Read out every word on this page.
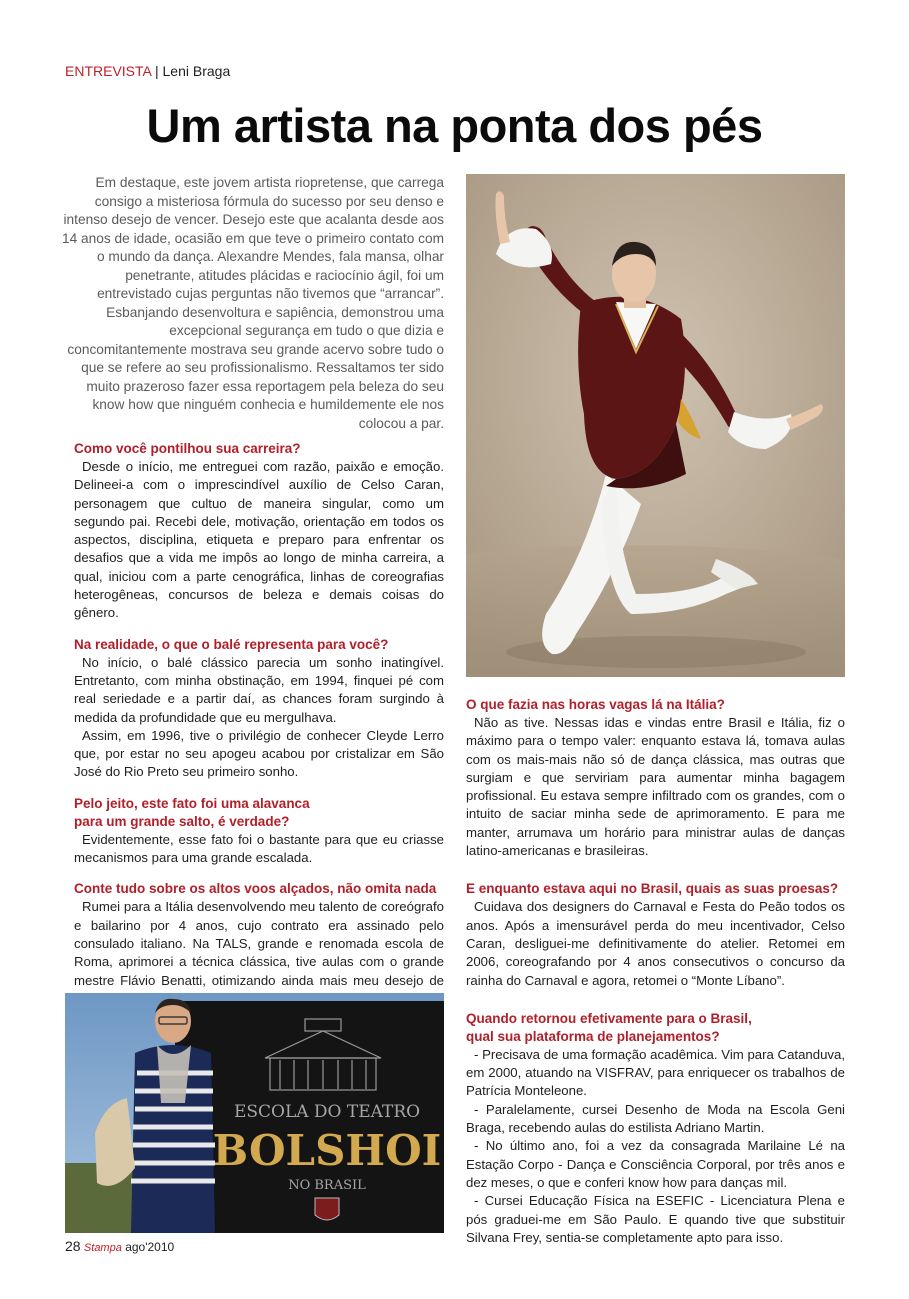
ENTREVISTA | Leni Braga
Um artista na ponta dos pés

Em destaque, este jovem artista riopretense, que carrega consigo a misteriosa fórmula do sucesso por seu denso e intenso desejo de vencer. Desejo este que acalanta desde aos 14 anos de idade, ocasião em que teve o primeiro contato com o mundo da dança. Alexandre Mendes, fala mansa, olhar penetrante, atitudes plácidas e raciocínio ágil, foi um entrevistado cujas perguntas não tivemos que “arrancar”. Esbanjando desenvoltura e sapiência, demonstrou uma excepcional segurança em tudo o que dizia e concomitantemente mostrava seu grande acervo sobre tudo o que se refere ao seu profissionalismo. Ressaltamos ter sido muito prazeroso fazer essa reportagem pela beleza do seu know how que ninguém conhecia e humildemente ele nos colocou a par.

Como você pontilhou sua carreira?

Desde o início, me entreguei com razão, paixão e emoção. Delineei-a com o imprescindível auxílio de Celso Caran, personagem que cultuo de maneira singular, como um segundo pai. Recebi dele, motivação, orientação em todos os aspectos, disciplina, etiqueta e preparo para enfrentar os desafios que a vida me impôs ao longo de minha carreira, a qual, iniciou com a parte cenográfica, linhas de coreografias heterogêneas, concursos de beleza e demais coisas do gênero.

Na realidade, o que o balé representa para você?

No início, o balé clássico parecia um sonho inatingível. Entretanto, com minha obstinação, em 1994, finquei pé com real seriedade e a partir daí, as chances foram surgindo à medida da profundidade que eu mergulhava.

Assim, em 1996, tive o privilégio de conhecer Cleyde Lerro que, por estar no seu apogeu acabou por cristalizar em São José do Rio Preto seu primeiro sonho.

Pelo jeito, este fato foi uma alavanca para um grande salto, é verdade?

Evidentemente, esse fato foi o bastante para que eu criasse mecanismos para uma grande escalada.

Conte tudo sobre os altos voos alçados, não omita nada

Rumei para a Itália desenvolvendo meu talento de coreógrafo e bailarino por 4 anos, cujo contrato era assinado pelo consulado italiano. Na TALS, grande e renomada escola de Roma, aprimorei a técnica clássica, tive aulas com o grande mestre Flávio Benatti, otimizando ainda mais meu desejo de

O que fazia nas horas vagas lá na Itália?

Não as tive. Nessas idas e vindas entre Brasil e Itália, fiz o máximo para o tempo valer: enquanto estava lá, tomava aulas com os mais-mais não só de dança clássica, mas outras que surgiam e que serviriam para aumentar minha bagagem profissional. Eu estava sempre infiltrado com os grandes, com o intuito de saciar minha sede de aprimoramento. E para me manter, arrumava um horário para ministrar aulas de danças latino-americanas e brasileiras.

E enquanto estava aqui no Brasil, quais as suas proesas?

Cuidava dos designers do Carnaval e Festa do Peão todos os anos. Após a imensurável perda do meu incentivador, Celso Caran, desliguei-me definitivamente do atelier. Retomei em 2006, coreografando por 4 anos consecutivos o concurso da rainha do Carnaval e agora, retomei o “Monte Líbano”.

Quando retornou efetivamente para o Brasil, qual sua plataforma de planejamentos?

- Precisava de uma formação acadêmica. Vim para Catanduva, em 2000, atuando na VISFRAV, para enriquecer os trabalhos de Patrícia Monteleone.

- Paralelamente, cursei Desenho de Moda na Escola Geni Braga, recebendo aulas do estilista Adriano Martin.

- No último ano, foi a vez da consagrada Marilaine Lé na Estação Corpo - Dança e Consciência Corporal, por três anos e dez meses, o que e conferi know how para danças mil.

- Cursei Educação Física na ESEFIC - Licenciatura Plena e pós graduei-me em São Paulo. E quando tive que substituir Silvana Frey, sentia-se completamente apto para isso.

ESCOLA DO TEATRO
BOLSHOI
NO BRASIL
28 Stampa ago'2010
